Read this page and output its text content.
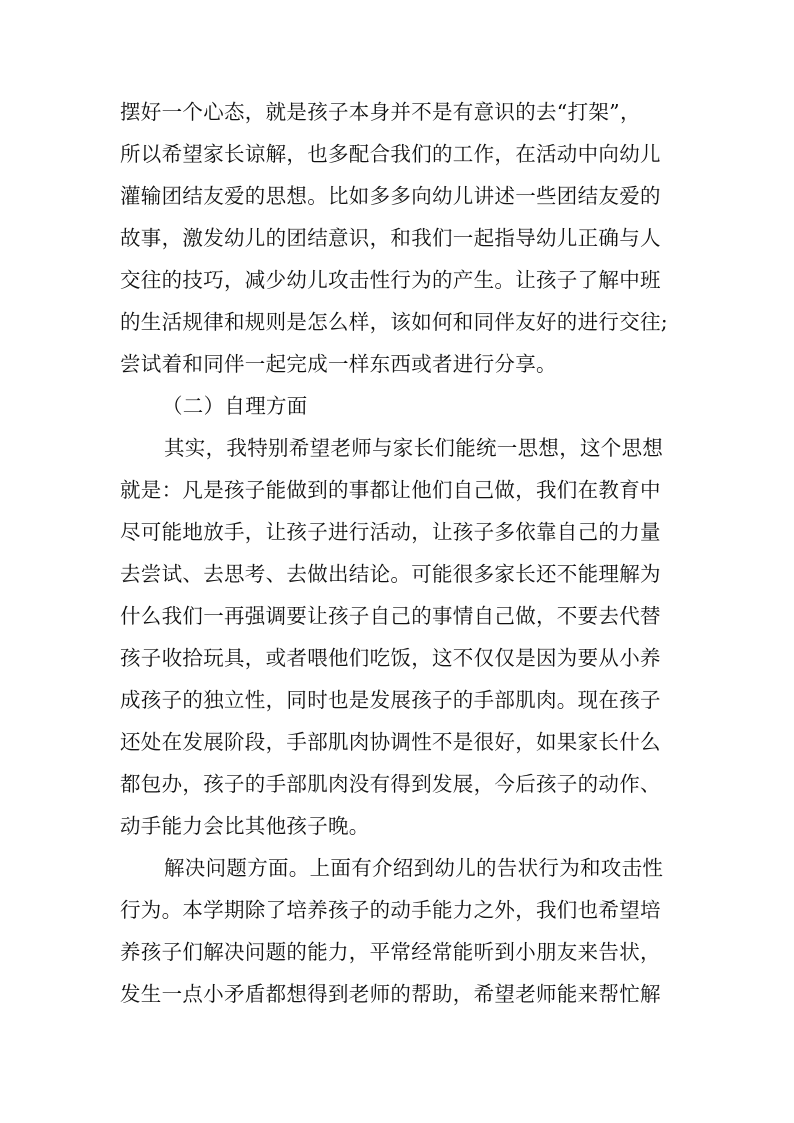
摆好一个心态，就是孩子本身并不是有意识的去“打架”，
所以希望家长谅解，也多配合我们的工作，在活动中向幼儿
灌输团结友爱的思想。比如多多向幼儿讲述一些团结友爱的
故事，激发幼儿的团结意识，和我们一起指导幼儿正确与人
交往的技巧，减少幼儿攻击性行为的产生。让孩子了解中班
的生活规律和规则是怎么样，该如何和同伴友好的进行交往;
尝试着和同伴一起完成一样东西或者进行分享。
（二）自理方面
其实，我特别希望老师与家长们能统一思想，这个思想
就是：凡是孩子能做到的事都让他们自己做，我们在教育中
尽可能地放手，让孩子进行活动，让孩子多依靠自己的力量
去尝试、去思考、去做出结论。可能很多家长还不能理解为
什么我们一再强调要让孩子自己的事情自己做，不要去代替
孩子收拾玩具，或者喂他们吃饭，这不仅仅是因为要从小养
成孩子的独立性，同时也是发展孩子的手部肌肉。现在孩子
还处在发展阶段，手部肌肉协调性不是很好，如果家长什么
都包办，孩子的手部肌肉没有得到发展，今后孩子的动作、
动手能力会比其他孩子晚。
解决问题方面。上面有介绍到幼儿的告状行为和攻击性
行为。本学期除了培养孩子的动手能力之外，我们也希望培
养孩子们解决问题的能力，平常经常能听到小朋友来告状，
发生一点小矛盾都想得到老师的帮助，希望老师能来帮忙解
